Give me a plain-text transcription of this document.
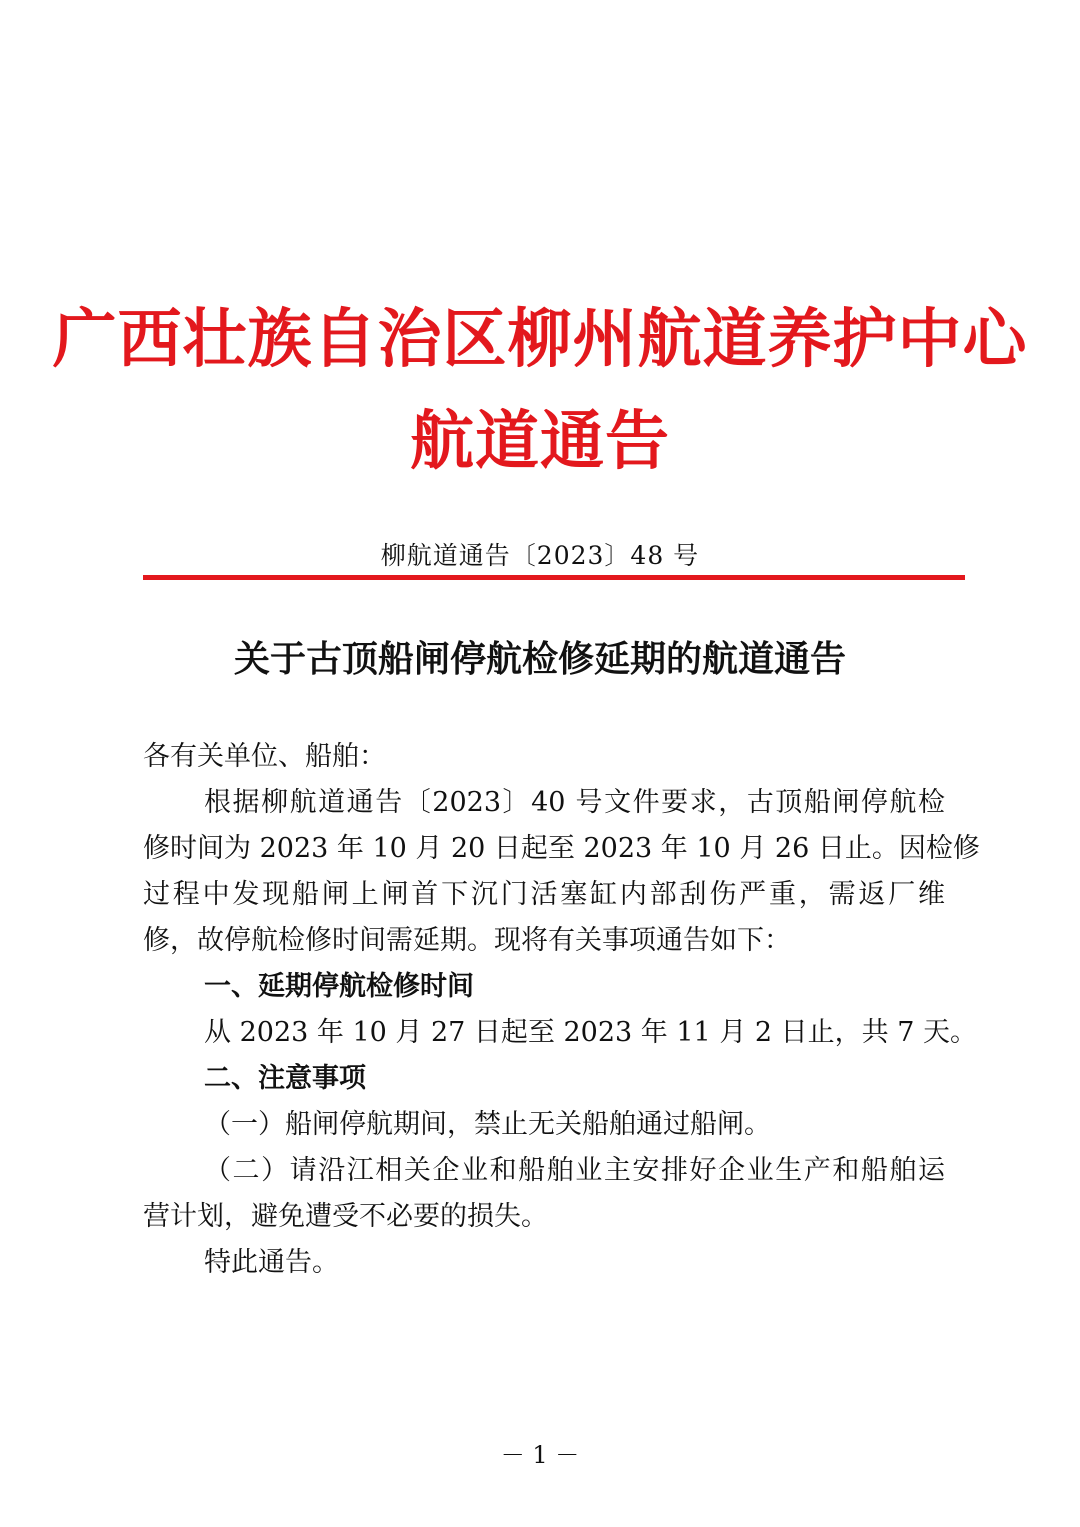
广西壮族自治区柳州航道养护中心
航道通告
柳航道通告〔2023〕48 号
关于古顶船闸停航检修延期的航道通告
各有关单位、船舶：
根据柳航道通告〔2023〕40 号文件要求，古顶船闸停航检
修时间为 2023 年 10 月 20 日起至 2023 年 10 月 26 日止。因检修
过程中发现船闸上闸首下沉门活塞缸内部刮伤严重，需返厂维
修，故停航检修时间需延期。现将有关事项通告如下：
一、延期停航检修时间
从 2023 年 10 月 27 日起至 2023 年 11 月 2 日止，共 7 天。
二、注意事项
（一）船闸停航期间，禁止无关船舶通过船闸。
（二）请沿江相关企业和船舶业主安排好企业生产和船舶运
营计划，避免遭受不必要的损失。
特此通告。
－ 1 －
